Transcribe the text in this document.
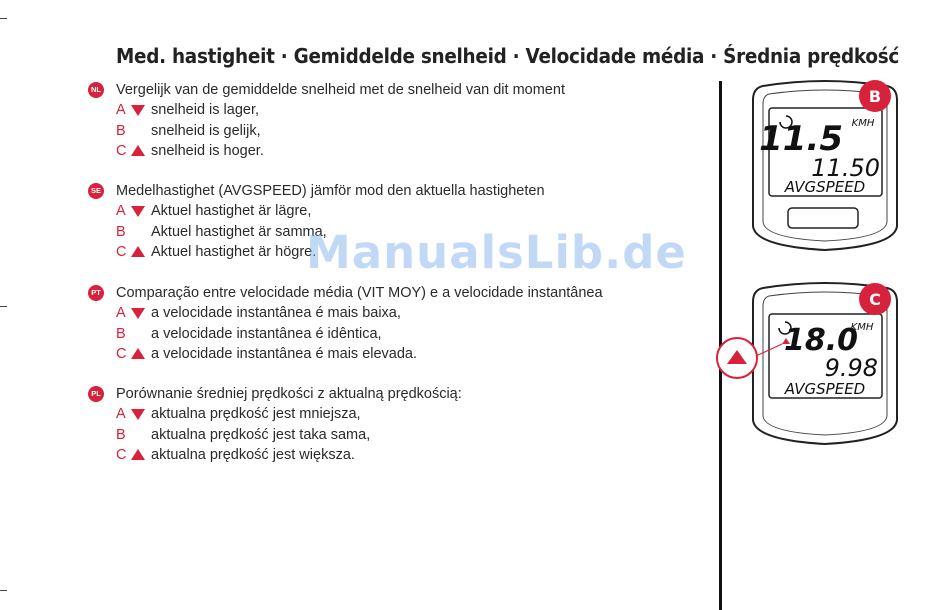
Med. hastigheit · Gemiddelde snelheid · Velocidade média · Średnia prędkość
NL Vergelijk van de gemiddelde snelheid met de snelheid van dit moment
A snelheid is lager,
B snelheid is gelijk,
C snelheid is hoger.
SE Medelhastighet (AVGSPEED) jämför mod den aktuella hastigheten
A Aktuel hastighet är lägre,
B Aktuel hastighet är samma,
C Aktuel hastighet är högre.
PT Comparação entre velocidade média (VIT MOY) e a velocidade instantânea
A a velocidade instantânea é mais baixa,
B a velocidade instantânea é idêntica,
C a velocidade instantânea é mais elevada.
PL Porównanie średniej prędkości z aktualną prędkością:
A aktualna prędkość jest mniejsza,
B aktualna prędkość jest taka sama,
C aktualna prędkość jest większa.
11.5 KMH
11.50
AVGSPEED
B
18.0
KMH
9.98
AVGSPEED
C
ManualsLib.de
